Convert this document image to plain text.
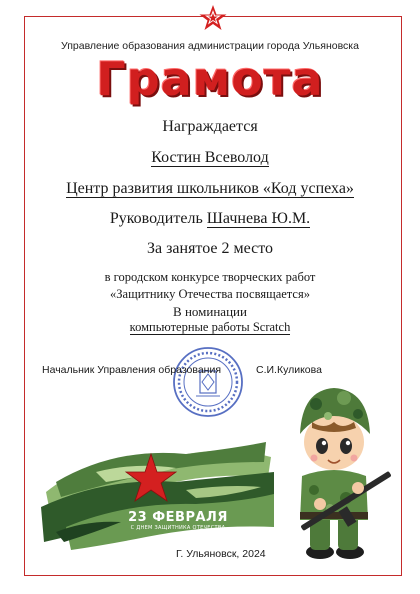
Управление образования администрации города Ульяновска
Грамота
Награждается
Костин Всеволод
Центр развития школьников «Код успеха»
Руководитель Шачнева Ю.М.
За занятое 2 место
в городском конкурсе творческих работ
«Защитнику Отечества посвящается»
В номинации
компьютерные работы Scratch
Начальник Управления образования	С.И.Куликова
23 ФЕВРАЛЯ
С ДНЕМ ЗАЩИТНИКА ОТЕЧЕСТВА
Г. Ульяновск, 2024
